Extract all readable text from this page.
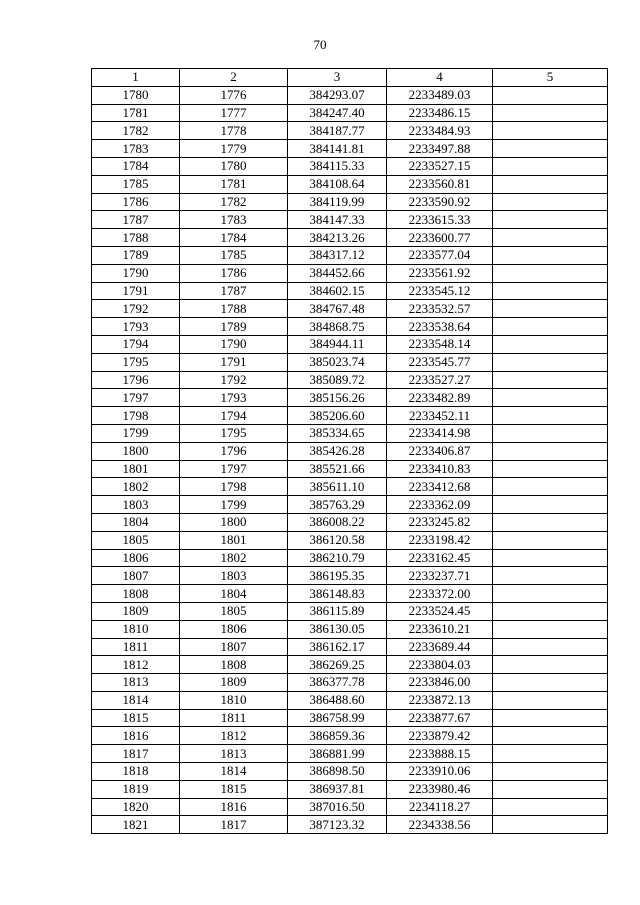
70
1	2	3	4	5
1780	1776	384293.07	2233489.03	
1781	1777	384247.40	2233486.15	
1782	1778	384187.77	2233484.93	
1783	1779	384141.81	2233497.88	
1784	1780	384115.33	2233527.15	
1785	1781	384108.64	2233560.81	
1786	1782	384119.99	2233590.92	
1787	1783	384147.33	2233615.33	
1788	1784	384213.26	2233600.77	
1789	1785	384317.12	2233577.04	
1790	1786	384452.66	2233561.92	
1791	1787	384602.15	2233545.12	
1792	1788	384767.48	2233532.57	
1793	1789	384868.75	2233538.64	
1794	1790	384944.11	2233548.14	
1795	1791	385023.74	2233545.77	
1796	1792	385089.72	2233527.27	
1797	1793	385156.26	2233482.89	
1798	1794	385206.60	2233452.11	
1799	1795	385334.65	2233414.98	
1800	1796	385426.28	2233406.87	
1801	1797	385521.66	2233410.83	
1802	1798	385611.10	2233412.68	
1803	1799	385763.29	2233362.09	
1804	1800	386008.22	2233245.82	
1805	1801	386120.58	2233198.42	
1806	1802	386210.79	2233162.45	
1807	1803	386195.35	2233237.71	
1808	1804	386148.83	2233372.00	
1809	1805	386115.89	2233524.45	
1810	1806	386130.05	2233610.21	
1811	1807	386162.17	2233689.44	
1812	1808	386269.25	2233804.03	
1813	1809	386377.78	2233846.00	
1814	1810	386488.60	2233872.13	
1815	1811	386758.99	2233877.67	
1816	1812	386859.36	2233879.42	
1817	1813	386881.99	2233888.15	
1818	1814	386898.50	2233910.06	
1819	1815	386937.81	2233980.46	
1820	1816	387016.50	2234118.27	
1821	1817	387123.32	2234338.56	
